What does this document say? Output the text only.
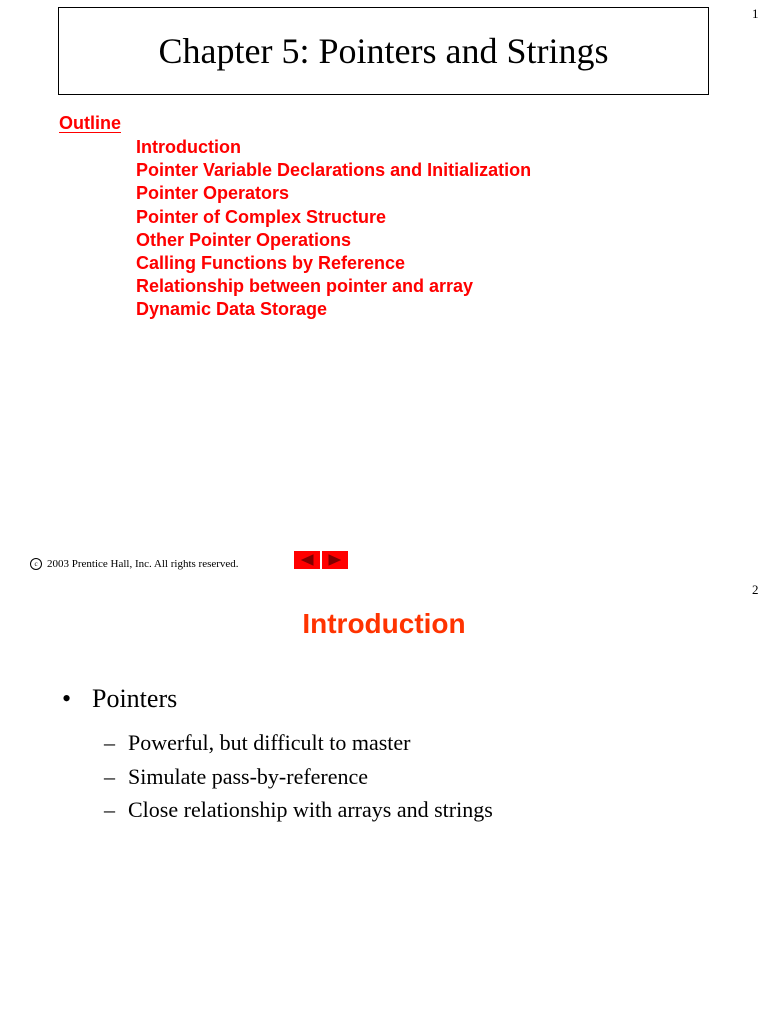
1
Chapter 5: Pointers and Strings
Outline
Introduction
Pointer Variable Declarations and Initialization
Pointer Operators
Pointer of Complex Structure
Other Pointer Operations
Calling Functions by Reference
Relationship between pointer and array
Dynamic Data Storage
c 2003 Prentice Hall, Inc. All rights reserved.
2
Introduction
• Pointers
– Powerful, but difficult to master
– Simulate pass-by-reference
– Close relationship with arrays and strings
